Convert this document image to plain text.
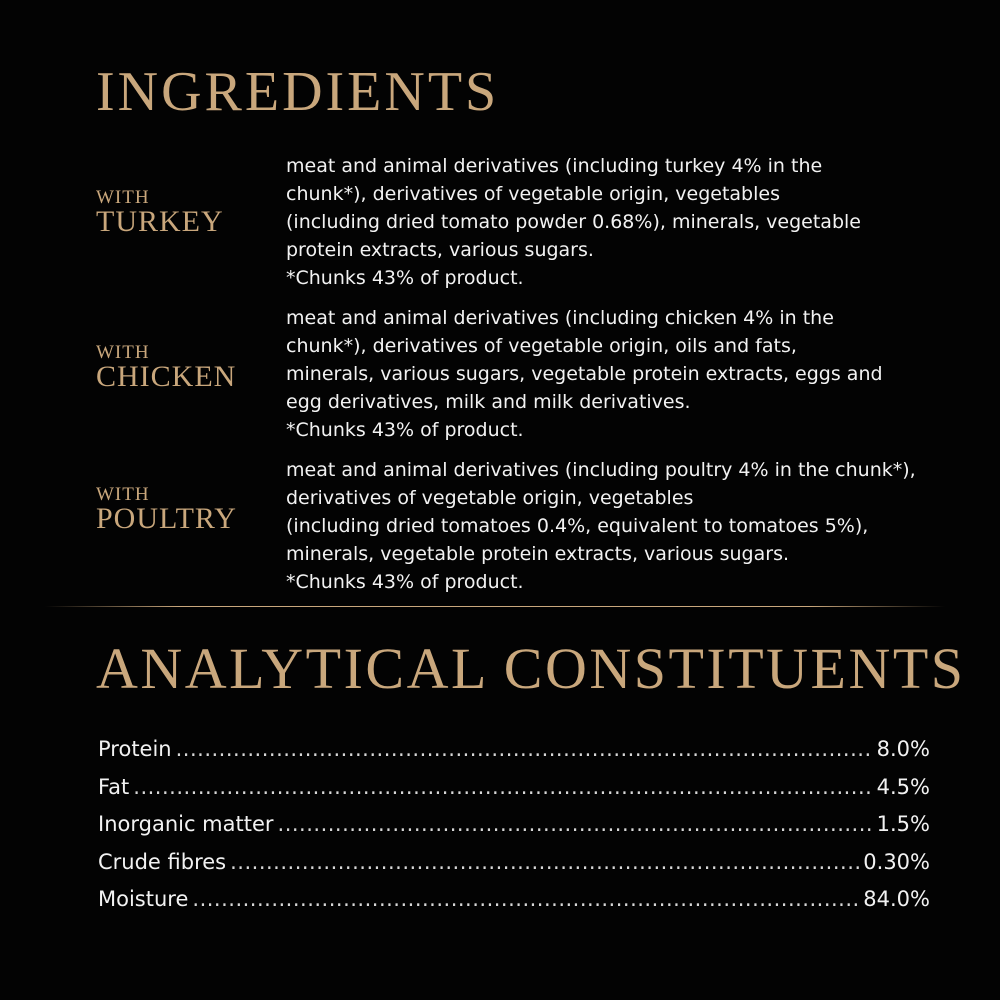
INGREDIENTS
WITH
TURKEY

meat and animal derivatives (including turkey 4% in the
chunk*), derivatives of vegetable origin, vegetables
(including dried tomato powder 0.68%), minerals, vegetable
protein extracts, various sugars.
*Chunks 43% of product.

WITH
CHICKEN

meat and animal derivatives (including chicken 4% in the
chunk*), derivatives of vegetable origin, oils and fats,
minerals, various sugars, vegetable protein extracts, eggs and
egg derivatives, milk and milk derivatives.
*Chunks 43% of product.

WITH
POULTRY

meat and animal derivatives (including poultry 4% in the chunk*),
derivatives of vegetable origin, vegetables
(including dried tomatoes 0.4%, equivalent to tomatoes 5%),
minerals, vegetable protein extracts, various sugars.
*Chunks 43% of product.

ANALYTICAL CONSTITUENTS
Protein .....	8.0%
Fat .....	4.5%
Inorganic matter .....	1.5%
Crude fibres .....	0.30%
Moisture .....	84.0%
